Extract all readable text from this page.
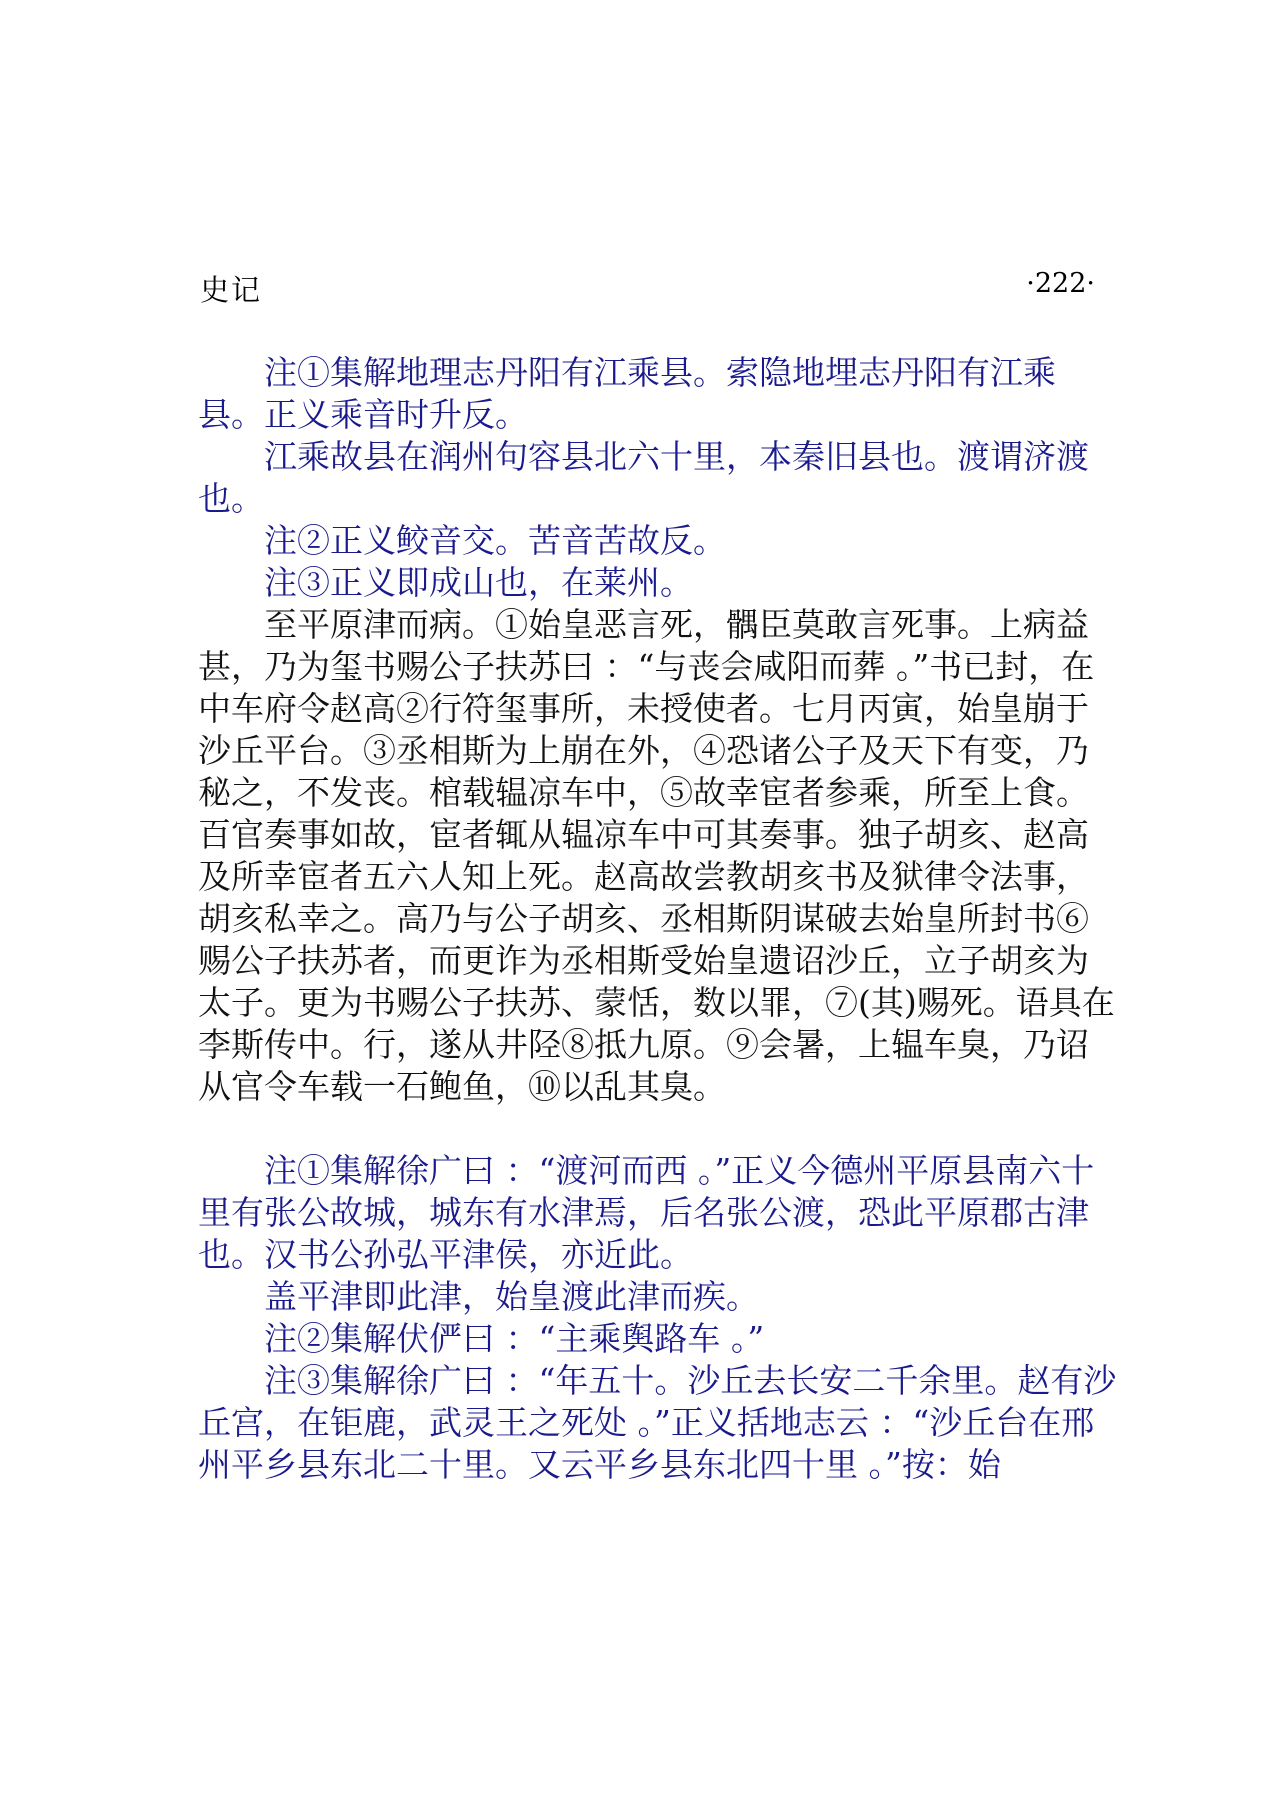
史记	·222·

注①集解地理志丹阳有江乘县。索隐地埋志丹阳有江乘县。正义乘音时升反。

江乘故县在润州句容县北六十里，本秦旧县也。渡谓济渡也。

注②正义鲛音交。苦音苦故反。

注③正义即成山也，在莱州。

至平原津而病。①始皇恶言死，髃臣莫敢言死事。上病益甚，乃为玺书赐公子扶苏曰 ：“与丧会咸阳而葬 。”书已封，在中车府令赵高②行符玺事所，未授使者。七月丙寅，始皇崩于沙丘平台。③丞相斯为上崩在外，④恐诸公子及天下有变，乃秘之，不发丧。棺载辒凉车中，⑤故幸宦者参乘，所至上食。百官奏事如故，宦者辄从辒凉车中可其奏事。独子胡亥、赵高及所幸宦者五六人知上死。赵高故尝教胡亥书及狱律令法事，胡亥私幸之。高乃与公子胡亥、丞相斯阴谋破去始皇所封书⑥赐公子扶苏者，而更诈为丞相斯受始皇遗诏沙丘，立子胡亥为太子。更为书赐公子扶苏、蒙恬，数以罪，⑦(其)赐死。语具在李斯传中。行，遂从井陉⑧抵九原。⑨会暑，上辒车臭，乃诏从官令车载一石鲍鱼，⑩以乱其臭。

注①集解徐广曰 ：“渡河而西 。”正义今德州平原县南六十里有张公故城，城东有水津焉，后名张公渡，恐此平原郡古津也。汉书公孙弘平津侯，亦近此。

盖平津即此津，始皇渡此津而疾。

注②集解伏俨曰 ：“主乘舆路车 。”

注③集解徐广曰 ：“年五十。沙丘去长安二千余里。赵有沙丘宫，在钜鹿，武灵王之死处 。”正义括地志云 ：“沙丘台在邢州平乡县东北二十里。又云平乡县东北四十里 。”按：始
